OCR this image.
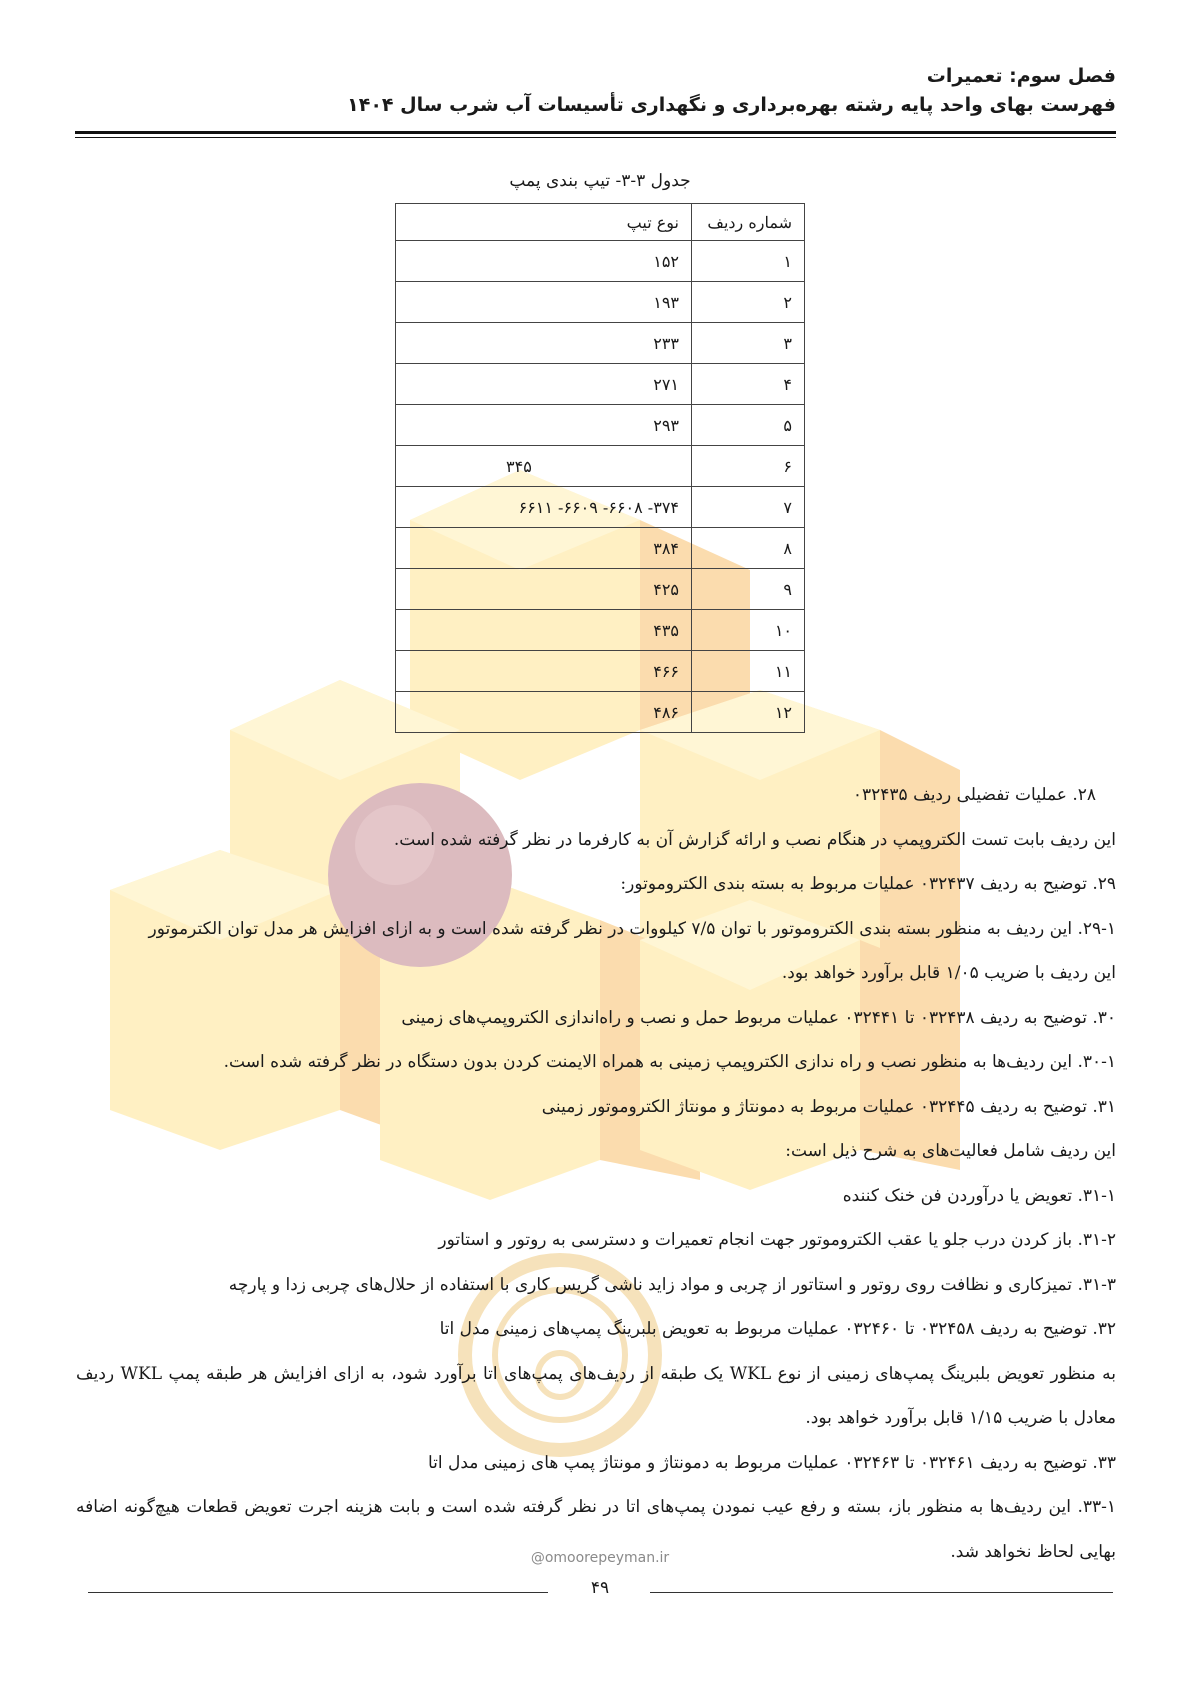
فصل سوم: تعمیرات
فهرست بهای واحد پایه رشته بهره‌برداری و نگهداری تأسیسات آب شرب سال ۱۴۰۴
جدول ۳-۳- تیپ بندی پمپ
شماره ردیف	نوع تیپ
۱	۱۵۲
۲	۱۹۳
۳	۲۳۳
۴	۲۷۱
۵	۲۹۳
۶	۳۴۵
۷	۳۷۴- ۶۶۰۸- ۶۶۰۹- ۶۶۱۱
۸	۳۸۴
۹	۴۲۵
۱۰	۴۳۵
۱۱	۴۶۶
۱۲	۴۸۶

۲۸. عملیات تفضیلی ردیف ۰۳۲۴۳۵

این ردیف بابت تست الکتروپمپ در هنگام نصب و ارائه گزارش آن به کارفرما در نظر گرفته شده است.

۲۹. توضیح به ردیف ۰۳۲۴۳۷ عملیات مربوط به بسته بندی الکتروموتور:

۲۹-۱. این ردیف به منظور بسته بندی الکتروموتور با توان ۷/۵ کیلووات در نظر گرفته شده است و به ازای افزایش هر مدل توان الکترموتور

این ردیف با ضریب ۱/۰۵ قابل برآورد خواهد بود.

۳۰. توضیح به ردیف ۰۳۲۴۳۸ تا ۰۳۲۴۴۱ عملیات مربوط حمل و نصب و راه‌اندازی الکتروپمپ‌های زمینی

۳۰-۱. این ردیف‌ها به منظور نصب و راه ندازی الکتروپمپ زمینی به همراه الایمنت کردن بدون دستگاه در نظر گرفته شده است.

۳۱. توضیح به ردیف ۰۳۲۴۴۵ عملیات مربوط به دمونتاژ و مونتاژ الکتروموتور زمینی

این ردیف شامل فعالیت‌های به شرح ذیل است:

۳۱-۱. تعویض یا درآوردن فن خنک کننده

۳۱-۲. باز کردن درب جلو یا عقب الکتروموتور جهت انجام تعمیرات و دسترسی به روتور و استاتور

۳۱-۳. تمیزکاری و نظافت روی روتور و استاتور از چربی و مواد زاید ناشی گریس کاری با استفاده از حلال‌های چربی زدا و پارچه

۳۲. توضیح به ردیف ۰۳۲۴۵۸ تا ۰۳۲۴۶۰ عملیات مربوط به تعویض بلبرینگ پمپ‌های زمینی مدل اتا

به منظور تعویض بلبرینگ پمپ‌های زمینی از نوع WKL یک طبقه از ردیف‌های پمپ‌های اتا برآورد شود، به ازای افزایش هر طبقه پمپ WKL ردیف معادل با ضریب ۱/۱۵ قابل برآورد خواهد بود.

۳۳. توضیح به ردیف ۰۳۲۴۶۱ تا ۰۳۲۴۶۳ عملیات مربوط به دمونتاژ و مونتاژ پمپ های زمینی مدل اتا

۳۳-۱. این ردیف‌ها به منظور باز، بسته و رفع عیب نمودن پمپ‌های اتا در نظر گرفته شده است و بابت هزینه اجرت تعویض قطعات هیچ‌گونه اضافه بهایی لحاظ نخواهد شد.

@omoorepeyman.ir
۴۹
